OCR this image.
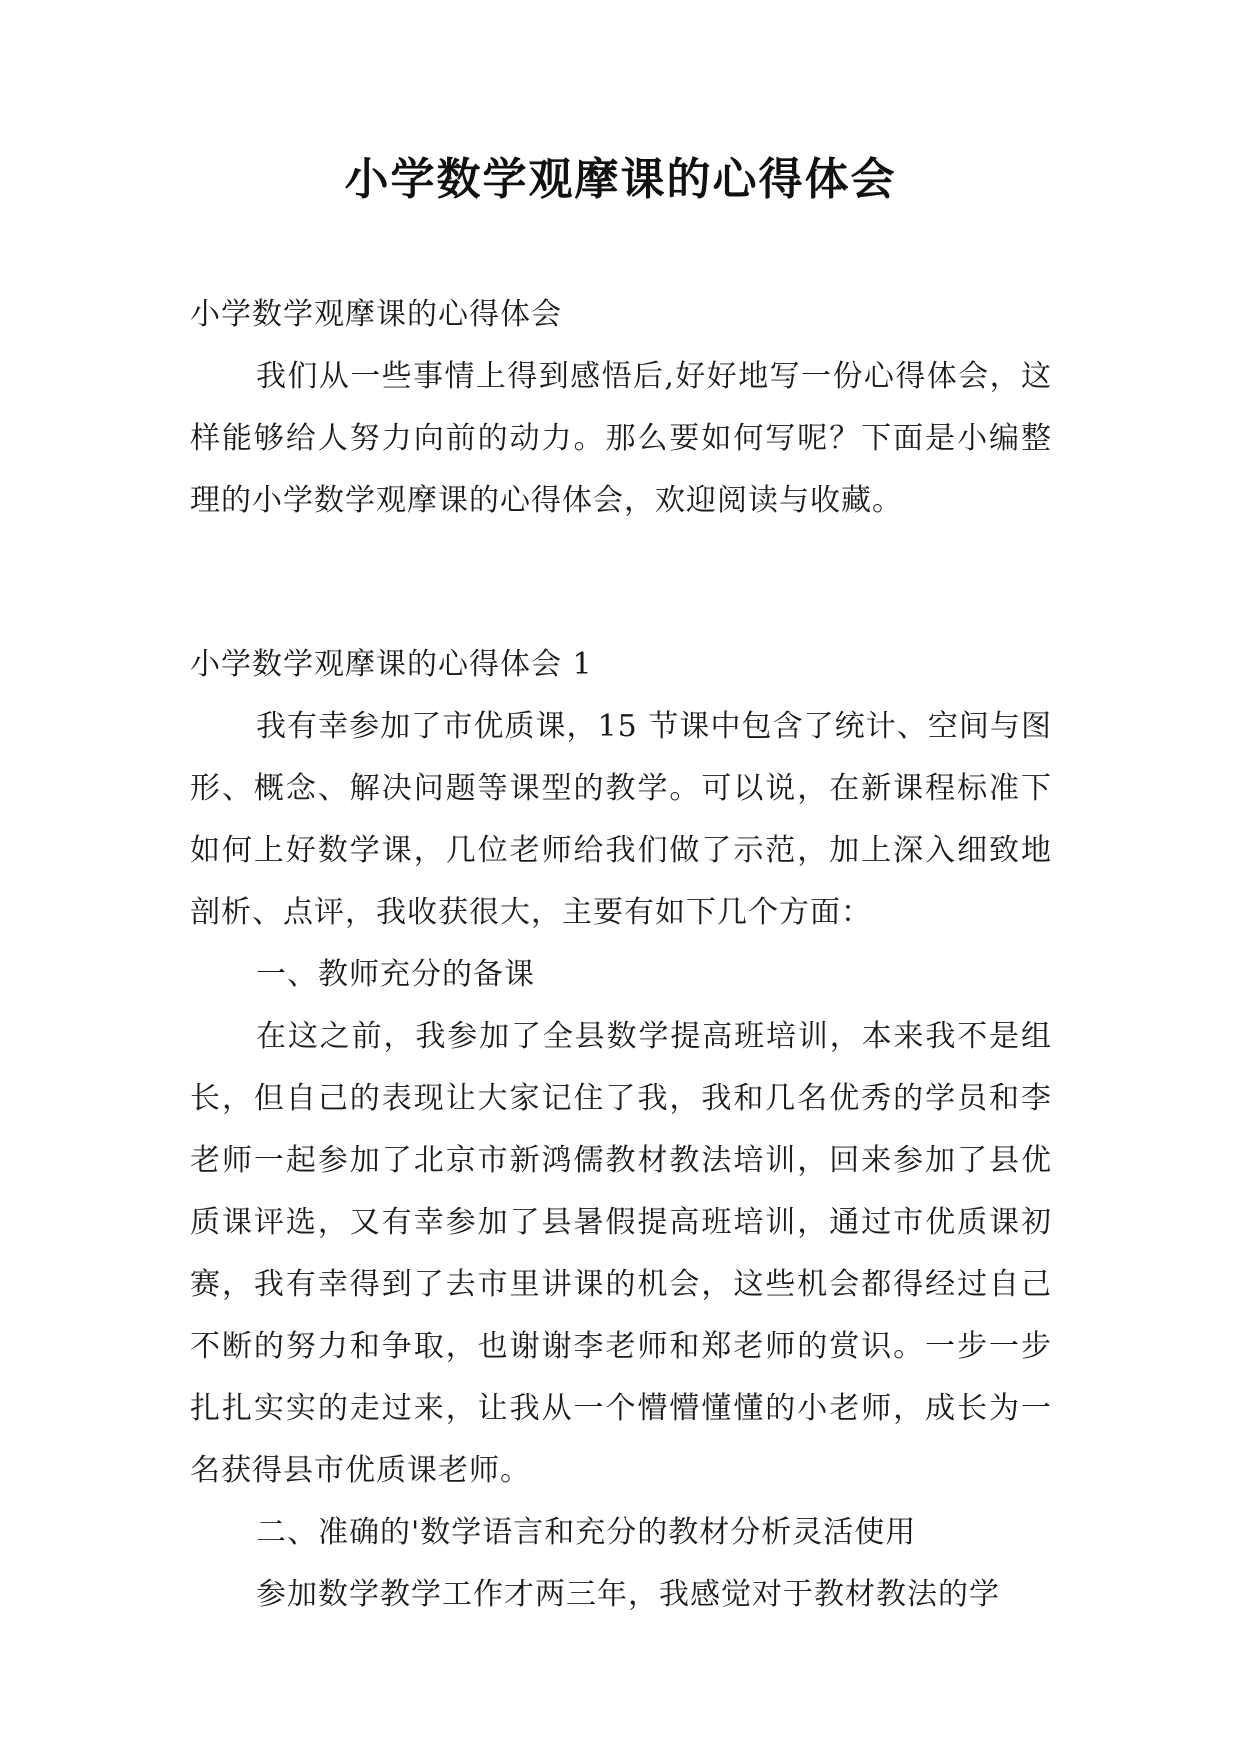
小学数学观摩课的心得体会

小学数学观摩课的心得体会

我们从一些事情上得到感悟后,好好地写一份心得体会，这样能够给人努力向前的动力。那么要如何写呢？下面是小编整理的小学数学观摩课的心得体会，欢迎阅读与收藏。

小学数学观摩课的心得体会 1

我有幸参加了市优质课，15 节课中包含了统计、空间与图形、概念、解决问题等课型的教学。可以说，在新课程标准下如何上好数学课，几位老师给我们做了示范，加上深入细致地剖析、点评，我收获很大，主要有如下几个方面：

一、教师充分的备课

在这之前，我参加了全县数学提高班培训，本来我不是组长，但自己的表现让大家记住了我，我和几名优秀的学员和李老师一起参加了北京市新鸿儒教材教法培训，回来参加了县优质课评选，又有幸参加了县暑假提高班培训，通过市优质课初赛，我有幸得到了去市里讲课的机会，这些机会都得经过自己不断的努力和争取，也谢谢李老师和郑老师的赏识。一步一步扎扎实实的走过来，让我从一个懵懵懂懂的小老师，成长为一名获得县市优质课老师。

二、准确的'数学语言和充分的教材分析灵活使用

参加数学教学工作才两三年，我感觉对于教材教法的学
